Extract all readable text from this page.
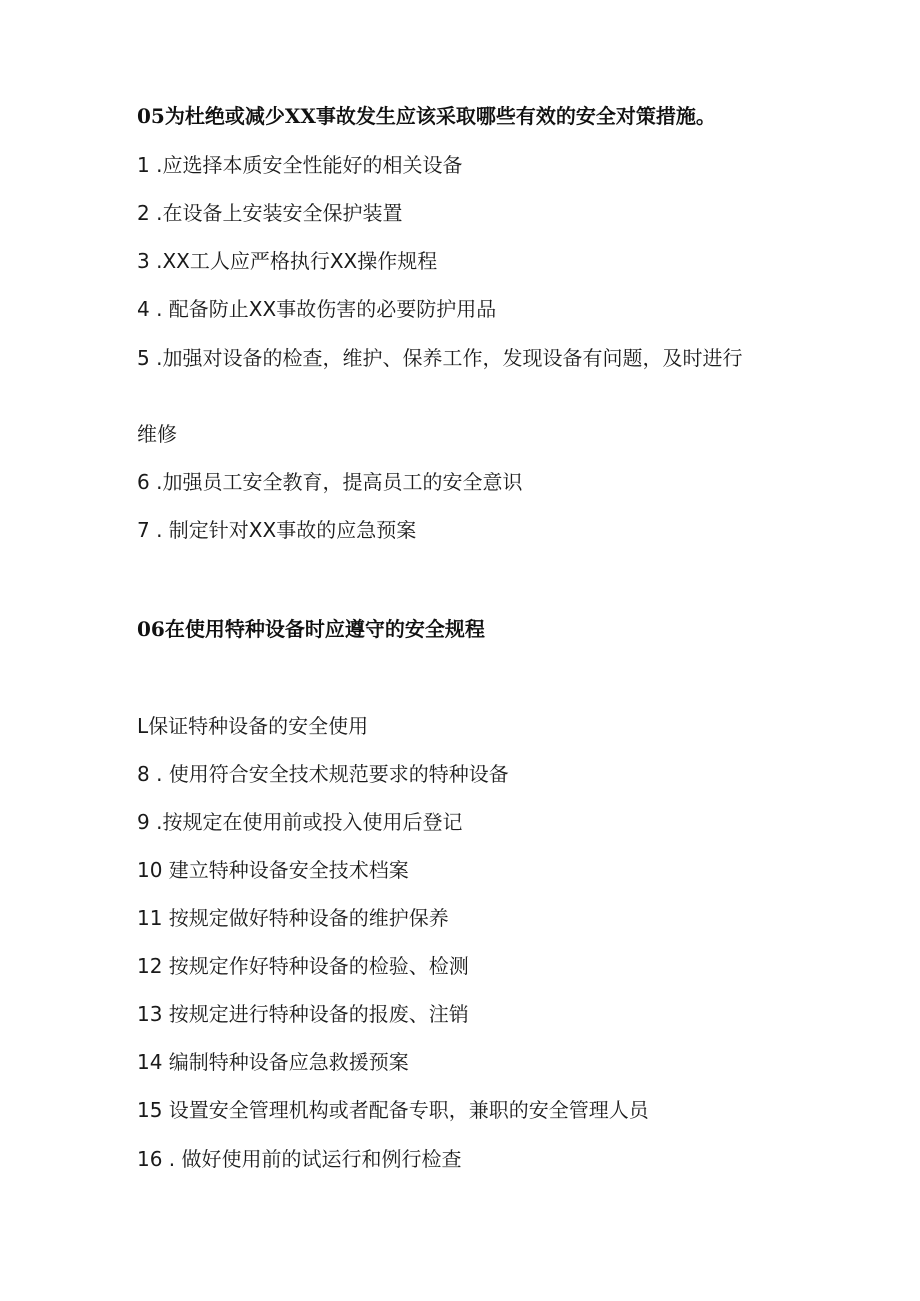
05为杜绝或减少XX事故发生应该采取哪些有效的安全对策措施。
1 .应选择本质安全性能好的相关设备
2 .在设备上安装安全保护装置
3 .XX工人应严格执行XX操作规程
4 . 配备防止XX事故伤害的必要防护用品
5 .加强对设备的检查，维护、保养工作，发现设备有问题，及时进行
维修
6 .加强员工安全教育，提高员工的安全意识
7 . 制定针对XX事故的应急预案
06在使用特种设备时应遵守的安全规程
L保证特种设备的安全使用
8 . 使用符合安全技术规范要求的特种设备
9 .按规定在使用前或投入使用后登记
10 建立特种设备安全技术档案
11 按规定做好特种设备的维护保养
12 按规定作好特种设备的检验、检测
13 按规定进行特种设备的报废、注销
14 编制特种设备应急救援预案
15 设置安全管理机构或者配备专职，兼职的安全管理人员
16 . 做好使用前的试运行和例行检查
